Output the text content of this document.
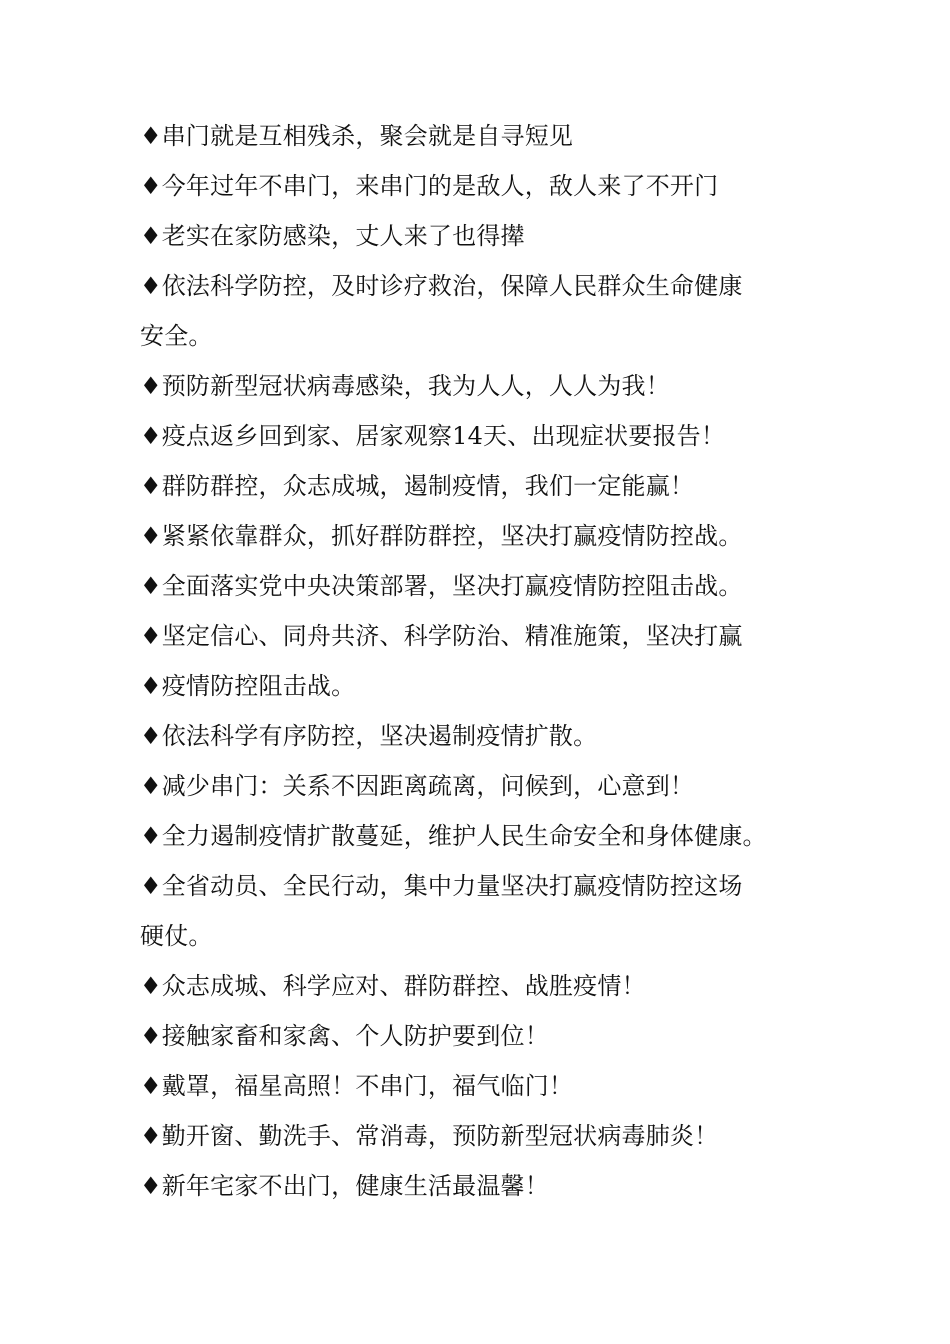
♦串门就是互相残杀，聚会就是自寻短见
♦今年过年不串门，来串门的是敌人，敌人来了不开门
♦老实在家防感染，丈人来了也得撵
♦依法科学防控，及时诊疗救治，保障人民群众生命健康
安全。
♦预防新型冠状病毒感染，我为人人，人人为我！
♦疫点返乡回到家、居家观察14天、出现症状要报告！
♦群防群控，众志成城，遏制疫情，我们一定能赢！
♦紧紧依靠群众，抓好群防群控，坚决打赢疫情防控战。
♦全面落实党中央决策部署，坚决打赢疫情防控阻击战。
♦坚定信心、同舟共济、科学防治、精准施策，坚决打赢
♦疫情防控阻击战。
♦依法科学有序防控，坚决遏制疫情扩散。
♦减少串门：关系不因距离疏离，问候到，心意到！
♦全力遏制疫情扩散蔓延，维护人民生命安全和身体健康。
♦全省动员、全民行动，集中力量坚决打赢疫情防控这场
硬仗。
♦众志成城、科学应对、群防群控、战胜疫情！
♦接触家畜和家禽、个人防护要到位！
♦戴罩，福星高照！不串门，福气临门！
♦勤开窗、勤洗手、常消毒，预防新型冠状病毒肺炎！
♦新年宅家不出门，健康生活最温馨！
